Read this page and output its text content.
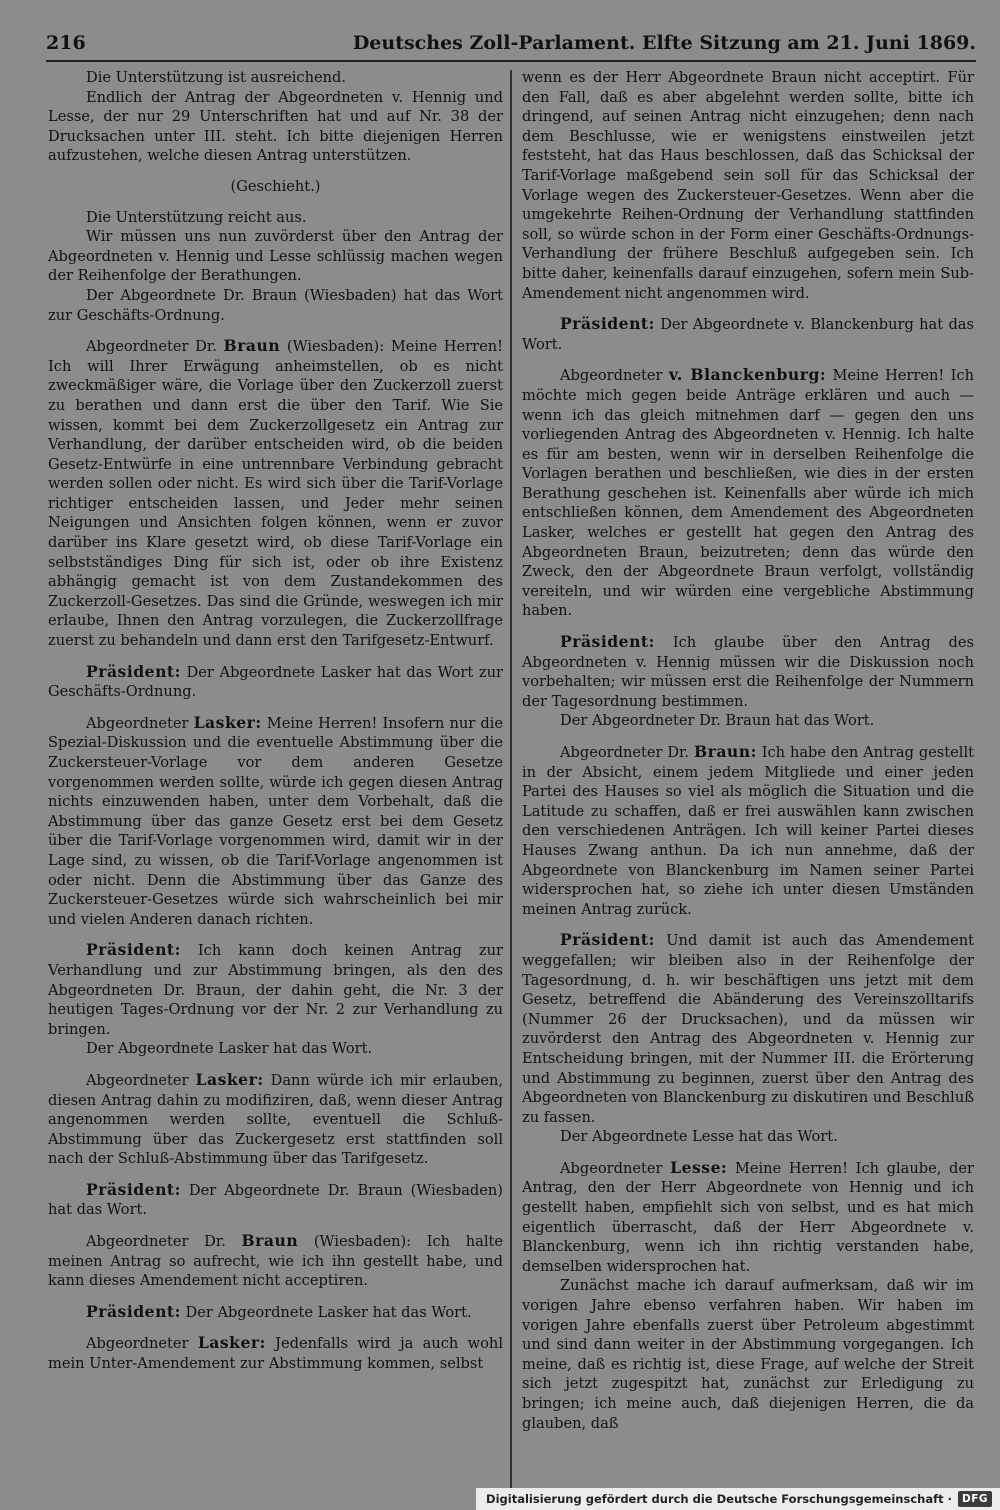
216	Deutsches Zoll-Parlament. Elfte Sitzung am 21. Juni 1869.

Die Unterstützung ist ausreichend.

Endlich der Antrag der Abgeordneten v. Hennig und Lesse, der nur 29 Unterschriften hat und auf Nr. 38 der Drucksachen unter III. steht. Ich bitte diejenigen Herren aufzustehen, welche diesen Antrag unterstützen.

(Geschieht.)

Die Unterstützung reicht aus.

Wir müssen uns nun zuvörderst über den Antrag der Abgeordneten v. Hennig und Lesse schlüssig machen wegen der Reihenfolge der Berathungen.

Der Abgeordnete Dr. Braun (Wiesbaden) hat das Wort zur Geschäfts-Ordnung.

Abgeordneter Dr. Braun (Wiesbaden): Meine Herren! Ich will Ihrer Erwägung anheimstellen, ob es nicht zweckmäßiger wäre, die Vorlage über den Zuckerzoll zuerst zu berathen und dann erst die über den Tarif. Wie Sie wissen, kommt bei dem Zuckerzollgesetz ein Antrag zur Verhandlung, der darüber entscheiden wird, ob die beiden Gesetz-Entwürfe in eine untrennbare Verbindung gebracht werden sollen oder nicht. Es wird sich über die Tarif-Vorlage richtiger entscheiden lassen, und Jeder mehr seinen Neigungen und Ansichten folgen können, wenn er zuvor darüber ins Klare gesetzt wird, ob diese Tarif-Vorlage ein selbstständiges Ding für sich ist, oder ob ihre Existenz abhängig gemacht ist von dem Zustandekommen des Zuckerzoll-Gesetzes. Das sind die Gründe, weswegen ich mir erlaube, Ihnen den Antrag vorzulegen, die Zuckerzollfrage zuerst zu behandeln und dann erst den Tarifgesetz-Entwurf.

Präsident: Der Abgeordnete Lasker hat das Wort zur Geschäfts-Ordnung.

Abgeordneter Lasker: Meine Herren! Insofern nur die Spezial-Diskussion und die eventuelle Abstimmung über die Zuckersteuer-Vorlage vor dem anderen Gesetze vorgenommen werden sollte, würde ich gegen diesen Antrag nichts einzuwenden haben, unter dem Vorbehalt, daß die Abstimmung über das ganze Gesetz erst bei dem Gesetz über die Tarif-Vorlage vorgenommen wird, damit wir in der Lage sind, zu wissen, ob die Tarif-Vorlage angenommen ist oder nicht. Denn die Abstimmung über das Ganze des Zuckersteuer-Gesetzes würde sich wahrscheinlich bei mir und vielen Anderen danach richten.

Präsident: Ich kann doch keinen Antrag zur Verhandlung und zur Abstimmung bringen, als den des Abgeordneten Dr. Braun, der dahin geht, die Nr. 3 der heutigen Tages-Ordnung vor der Nr. 2 zur Verhandlung zu bringen.

Der Abgeordnete Lasker hat das Wort.

Abgeordneter Lasker: Dann würde ich mir erlauben, diesen Antrag dahin zu modifiziren, daß, wenn dieser Antrag angenommen werden sollte, eventuell die Schluß-Abstimmung über das Zuckergesetz erst stattfinden soll nach der Schluß-Abstimmung über das Tarifgesetz.

Präsident: Der Abgeordnete Dr. Braun (Wiesbaden) hat das Wort.

Abgeordneter Dr. Braun (Wiesbaden): Ich halte meinen Antrag so aufrecht, wie ich ihn gestellt habe, und kann dieses Amendement nicht acceptiren.

Präsident: Der Abgeordnete Lasker hat das Wort.

Abgeordneter Lasker: Jedenfalls wird ja auch wohl mein Unter-Amendement zur Abstimmung kommen, selbst

wenn es der Herr Abgeordnete Braun nicht acceptirt. Für den Fall, daß es aber abgelehnt werden sollte, bitte ich dringend, auf seinen Antrag nicht einzugehen; denn nach dem Beschlusse, wie er wenigstens einstweilen jetzt feststeht, hat das Haus beschlossen, daß das Schicksal der Tarif-Vorlage maßgebend sein soll für das Schicksal der Vorlage wegen des Zuckersteuer-Gesetzes. Wenn aber die umgekehrte Reihen-Ordnung der Verhandlung stattfinden soll, so würde schon in der Form einer Geschäfts-Ordnungs-Verhandlung der frühere Beschluß aufgegeben sein. Ich bitte daher, keinenfalls darauf einzugehen, sofern mein Sub-Amendement nicht angenommen wird.

Präsident: Der Abgeordnete v. Blanckenburg hat das Wort.

Abgeordneter v. Blanckenburg: Meine Herren! Ich möchte mich gegen beide Anträge erklären und auch — wenn ich das gleich mitnehmen darf — gegen den uns vorliegenden Antrag des Abgeordneten v. Hennig. Ich halte es für am besten, wenn wir in derselben Reihenfolge die Vorlagen berathen und beschließen, wie dies in der ersten Berathung geschehen ist. Keinenfalls aber würde ich mich entschließen können, dem Amendement des Abgeordneten Lasker, welches er gestellt hat gegen den Antrag des Abgeordneten Braun, beizutreten; denn das würde den Zweck, den der Abgeordnete Braun verfolgt, vollständig vereiteln, und wir würden eine vergebliche Abstimmung haben.

Präsident: Ich glaube über den Antrag des Abgeordneten v. Hennig müssen wir die Diskussion noch vorbehalten; wir müssen erst die Reihenfolge der Nummern der Tagesordnung bestimmen.

Der Abgeordneter Dr. Braun hat das Wort.

Abgeordneter Dr. Braun: Ich habe den Antrag gestellt in der Absicht, einem jedem Mitgliede und einer jeden Partei des Hauses so viel als möglich die Situation und die Latitude zu schaffen, daß er frei auswählen kann zwischen den verschiedenen Anträgen. Ich will keiner Partei dieses Hauses Zwang anthun. Da ich nun annehme, daß der Abgeordnete von Blanckenburg im Namen seiner Partei widersprochen hat, so ziehe ich unter diesen Umständen meinen Antrag zurück.

Präsident: Und damit ist auch das Amendement weggefallen; wir bleiben also in der Reihenfolge der Tagesordnung, d. h. wir beschäftigen uns jetzt mit dem Gesetz, betreffend die Abänderung des Vereinszolltarifs (Nummer 26 der Drucksachen), und da müssen wir zuvörderst den Antrag des Abgeordneten v. Hennig zur Entscheidung bringen, mit der Nummer III. die Erörterung und Abstimmung zu beginnen, zuerst über den Antrag des Abgeordneten von Blanckenburg zu diskutiren und Beschluß zu fassen.

Der Abgeordnete Lesse hat das Wort.

Abgeordneter Lesse: Meine Herren! Ich glaube, der Antrag, den der Herr Abgeordnete von Hennig und ich gestellt haben, empfiehlt sich von selbst, und es hat mich eigentlich überrascht, daß der Herr Abgeordnete v. Blanckenburg, wenn ich ihn richtig verstanden habe, demselben widersprochen hat.

Zunächst mache ich darauf aufmerksam, daß wir im vorigen Jahre ebenso verfahren haben. Wir haben im vorigen Jahre ebenfalls zuerst über Petroleum abgestimmt und sind dann weiter in der Abstimmung vorgegangen. Ich meine, daß es richtig ist, diese Frage, auf welche der Streit sich jetzt zugespitzt hat, zunächst zur Erledigung zu bringen; ich meine auch, daß diejenigen Herren, die da glauben, daß

Digitalisierung gefördert durch die Deutsche Forschungsgemeinschaft · DFG
